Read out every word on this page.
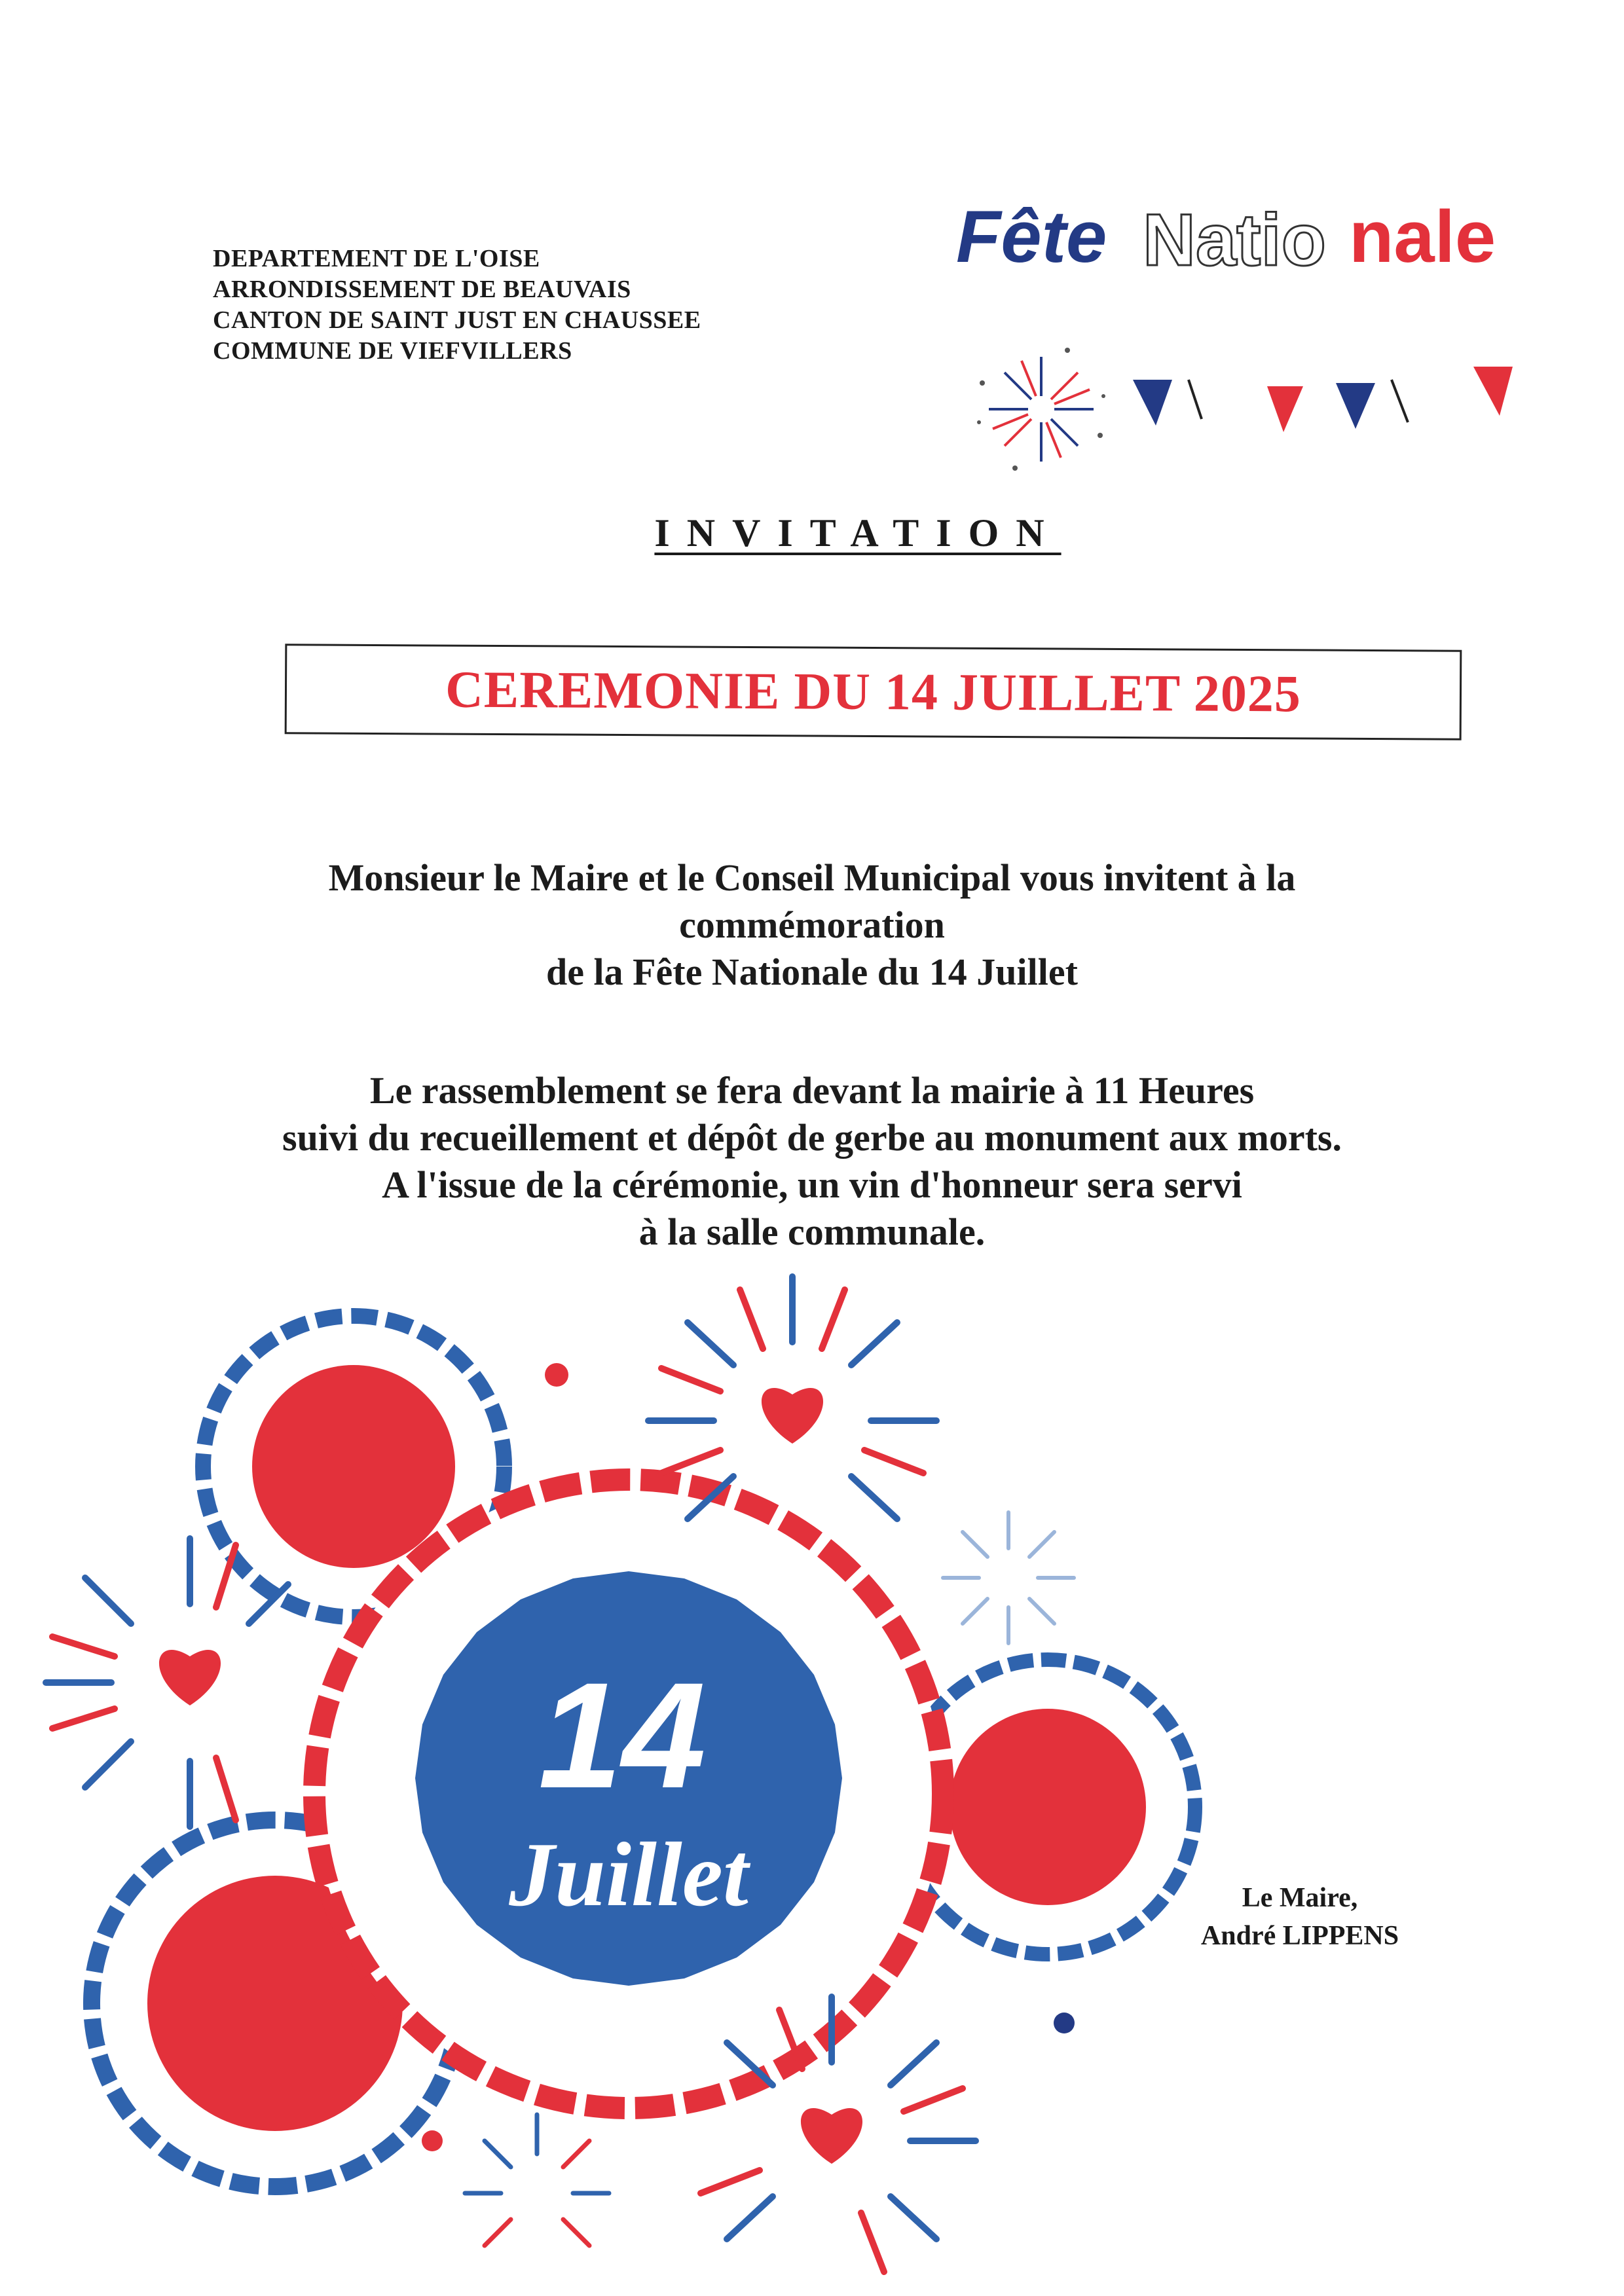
DEPARTEMENT DE L'OISE
ARRONDISSEMENT DE BEAUVAIS
CANTON DE SAINT JUST EN CHAUSSEE
COMMUNE DE VIEFVILLERS
Fête Natio nale
INVITATION
CEREMONIE DU 14 JUILLET 2025
Monsieur le Maire et le Conseil Municipal vous invitent à la
commémoration
de la Fête Nationale du 14 Juillet
Le rassemblement se fera devant la mairie à 11 Heures
suivi du recueillement et dépôt de gerbe au monument aux morts.
A l'issue de la cérémonie, un vin d'honneur sera servi
à la salle communale.
14
Juillet	Le Maire,
André LIPPENS
